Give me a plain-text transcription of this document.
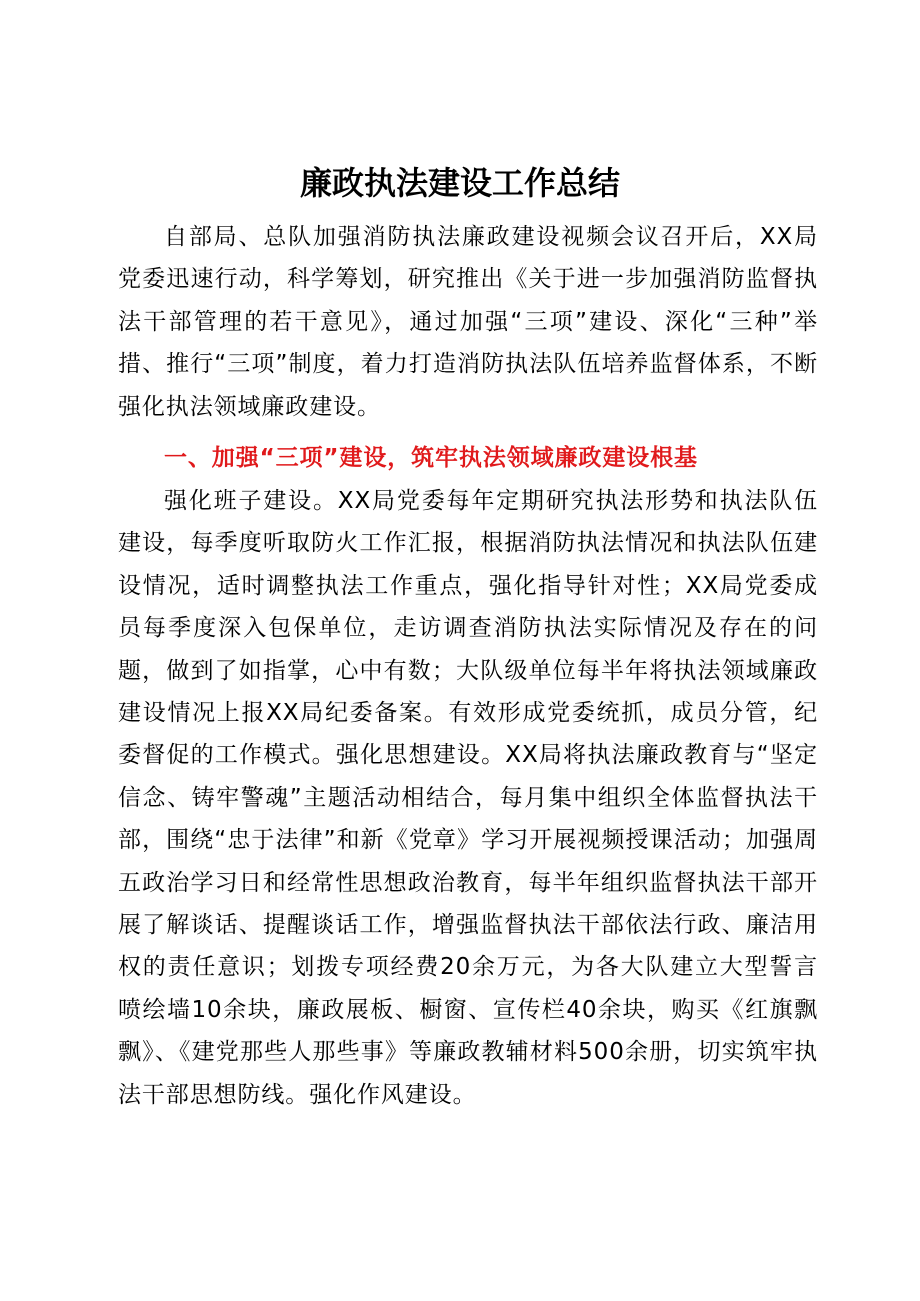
廉政执法建设工作总结

自部局、总队加强消防执法廉政建设视频会议召开后，XX局党委迅速行动，科学筹划，研究推出《关于进一步加强消防监督执法干部管理的若干意见》，通过加强“三项”建设、深化“三种”举措、推行“三项”制度，着力打造消防执法队伍培养监督体系，不断强化执法领域廉政建设。

一、加强“三项”建设，筑牢执法领域廉政建设根基

强化班子建设。XX局党委每年定期研究执法形势和执法队伍建设，每季度听取防火工作汇报，根据消防执法情况和执法队伍建设情况，适时调整执法工作重点，强化指导针对性；XX局党委成员每季度深入包保单位，走访调查消防执法实际情况及存在的问题，做到了如指掌，心中有数；大队级单位每半年将执法领域廉政建设情况上报XX局纪委备案。有效形成党委统抓，成员分管，纪委督促的工作模式。强化思想建设。XX局将执法廉政教育与“坚定信念、铸牢警魂”主题活动相结合，每月集中组织全体监督执法干部，围绕“忠于法律”和新《党章》学习开展视频授课活动；加强周五政治学习日和经常性思想政治教育，每半年组织监督执法干部开展了解谈话、提醒谈话工作，增强监督执法干部依法行政、廉洁用权的责任意识；划拨专项经费20余万元，为各大队建立大型誓言喷绘墙10余块，廉政展板、橱窗、宣传栏40余块，购买《红旗飘飘》、《建党那些人那些事》等廉政教辅材料500余册，切实筑牢执法干部思想防线。强化作风建设。
